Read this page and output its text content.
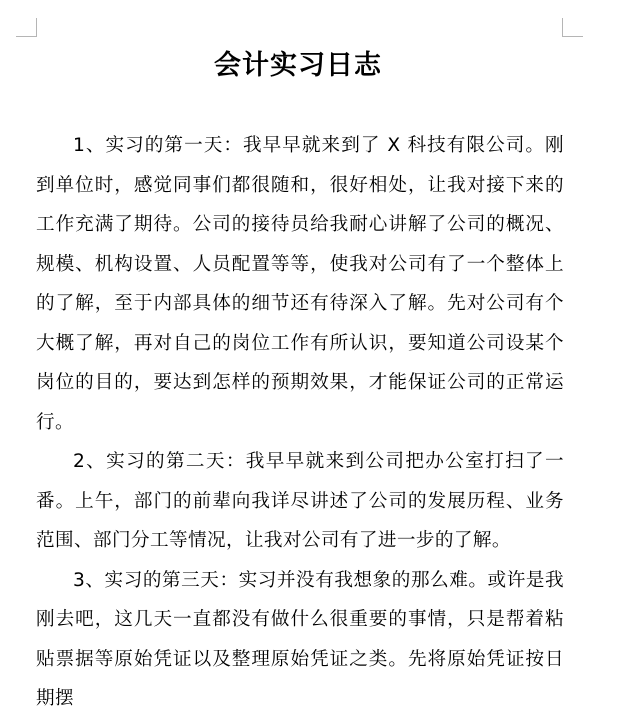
会计实习日志

1、实习的第一天：我早早就来到了 X 科技有限公司。刚到单位时，感觉同事们都很随和，很好相处，让我对接下来的工作充满了期待。公司的接待员给我耐心讲解了公司的概况、规模、机构设置、人员配置等等，使我对公司有了一个整体上的了解，至于内部具体的细节还有待深入了解。先对公司有个大概了解，再对自己的岗位工作有所认识，要知道公司设某个岗位的目的，要达到怎样的预期效果，才能保证公司的正常运行。

2、实习的第二天：我早早就来到公司把办公室打扫了一番。上午，部门的前辈向我详尽讲述了公司的发展历程、业务范围、部门分工等情况，让我对公司有了进一步的了解。

3、实习的第三天：实习并没有我想象的那么难。或许是我刚去吧，这几天一直都没有做什么很重要的事情，只是帮着粘贴票据等原始凭证以及整理原始凭证之类。先将原始凭证按日期摆
